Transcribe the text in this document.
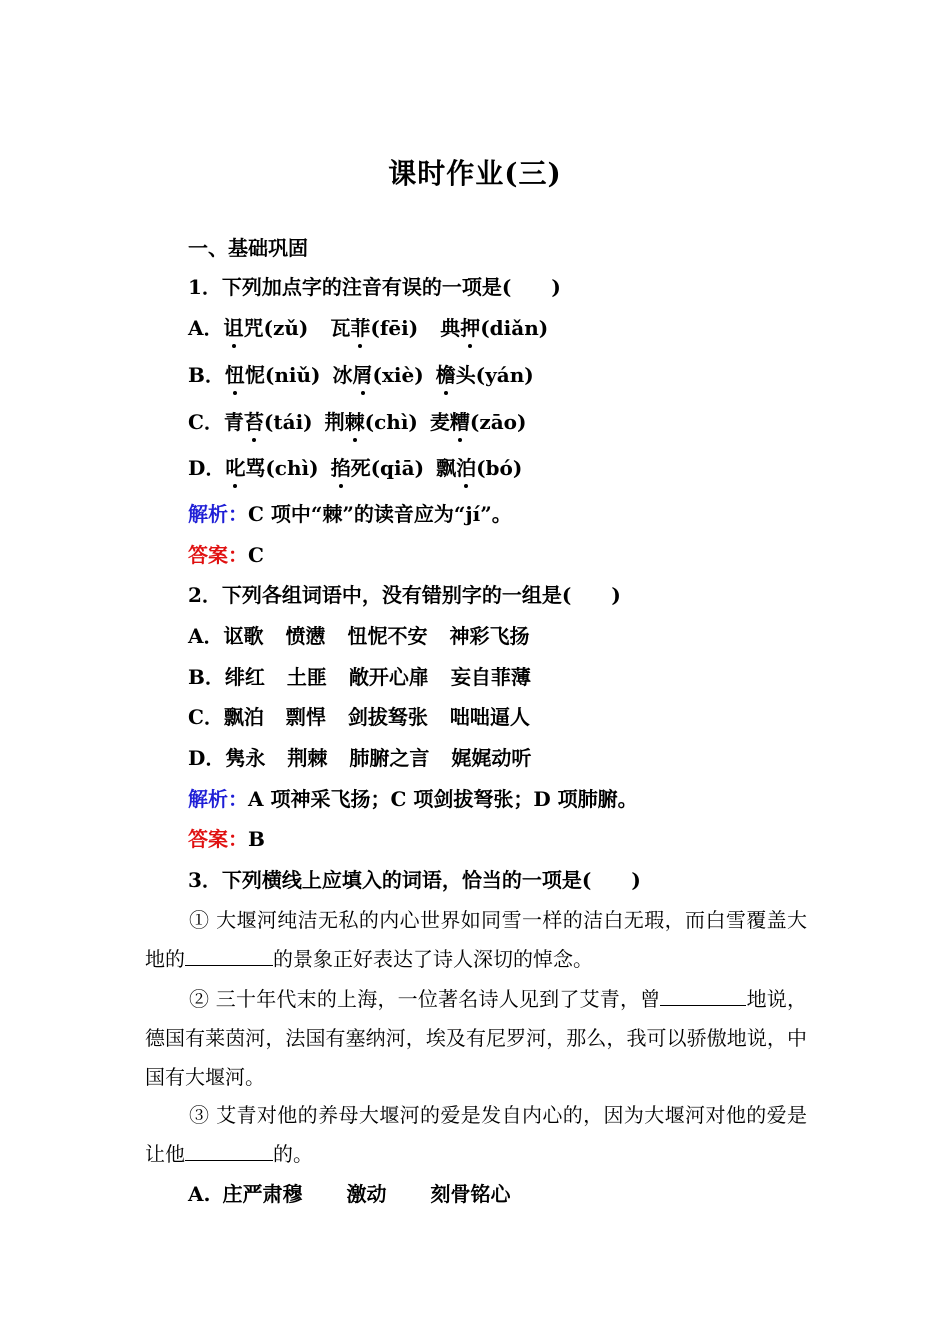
课时作业(三)
一、基础巩固
1．下列加点字的注音有误的一项是(　　)
A．诅咒(zǔ) 瓦菲(fēi) 典押(diǎn)
B．忸怩(niǔ) 冰屑(xiè) 檐头(yán)
C．青苔(tái) 荆棘(chì) 麦糟(zāo)
D．叱骂(chì) 掐死(qiā) 飘泊(bó)
解析：C 项中“棘”的读音应为“jí”。
答案：C
2．下列各组词语中，没有错别字的一组是(　　)
A．讴歌 愤懑 忸怩不安 神彩飞扬
B．绯红 土匪 敞开心扉 妄自菲薄
C．飘泊 剽悍 剑拔驽张 咄咄逼人
D．隽永 荆棘 肺腑之言 娓娓动听
解析：A 项神采飞扬；C 项剑拔弩张；D 项肺腑。
答案：B
3．下列横线上应填入的词语，恰当的一项是(　　)
① 大堰河纯洁无私的内心世界如同雪一样的洁白无瑕，而白雪覆盖大地的	的景象正好表达了诗人深切的悼念。
② 三十年代末的上海，一位著名诗人见到了艾青，曾	地说，德国有莱茵河，法国有塞纳河，埃及有尼罗河，那么，我可以骄傲地说，中国有大堰河。
③ 艾青对他的养母大堰河的爱是发自内心的，因为大堰河对他的爱是让他	的。
A. 庄严肃穆 激动 刻骨铭心
